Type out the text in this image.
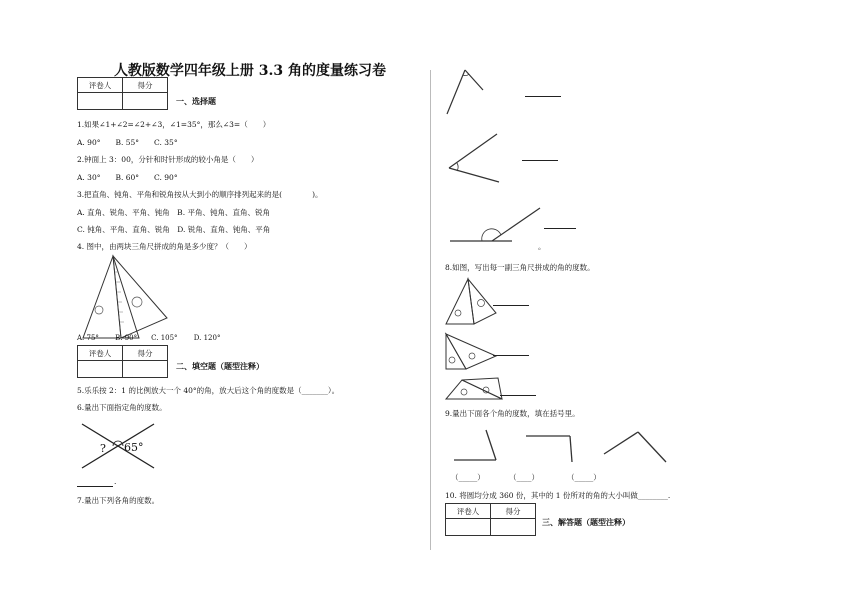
人教版数学四年级上册 3.3 角的度量练习卷
评卷人	得分

一、选择题
1.如果∠1+∠2=∠2+∠3，∠1=35°，那么∠3=（　　）
A. 90°　　B. 55°　　C. 35°
2.钟面上 3：00，分针和时针形成的较小角是（　　）
A. 30°　　B. 60°　　C. 90°
3.把直角、钝角、平角和锐角按从大到小的顺序排列起来的是(　　　　)。
A. 直角、锐角、平角、钝角　B. 平角、钝角、直角、锐角
C. 钝角、平角、直角、锐角　D. 锐角、直角、钝角、平角
4. 图中，由两块三角尺拼成的角是多少度？（　　）
A. 75°　　 B. 90°　　C. 105°　　 D. 120°
评卷人	得分

二、填空题（题型注释）
5.乐乐按 2：1 的比例放大一个 40°的角，放大后这个角的度数是（_______）。
6.量出下面指定角的度数。
? 65°
.
7.量出下列各角的度数。
。
8.如图，写出每一副三角尺拼成的角的度数。
9.量出下面各个角的度数，填在括号里。
（_____）	（____）	（_____）
10. 将圆均分成 360 份，其中的 1 份所对的角的大小叫做________.
评卷人	得分

三、解答题（题型注释）
